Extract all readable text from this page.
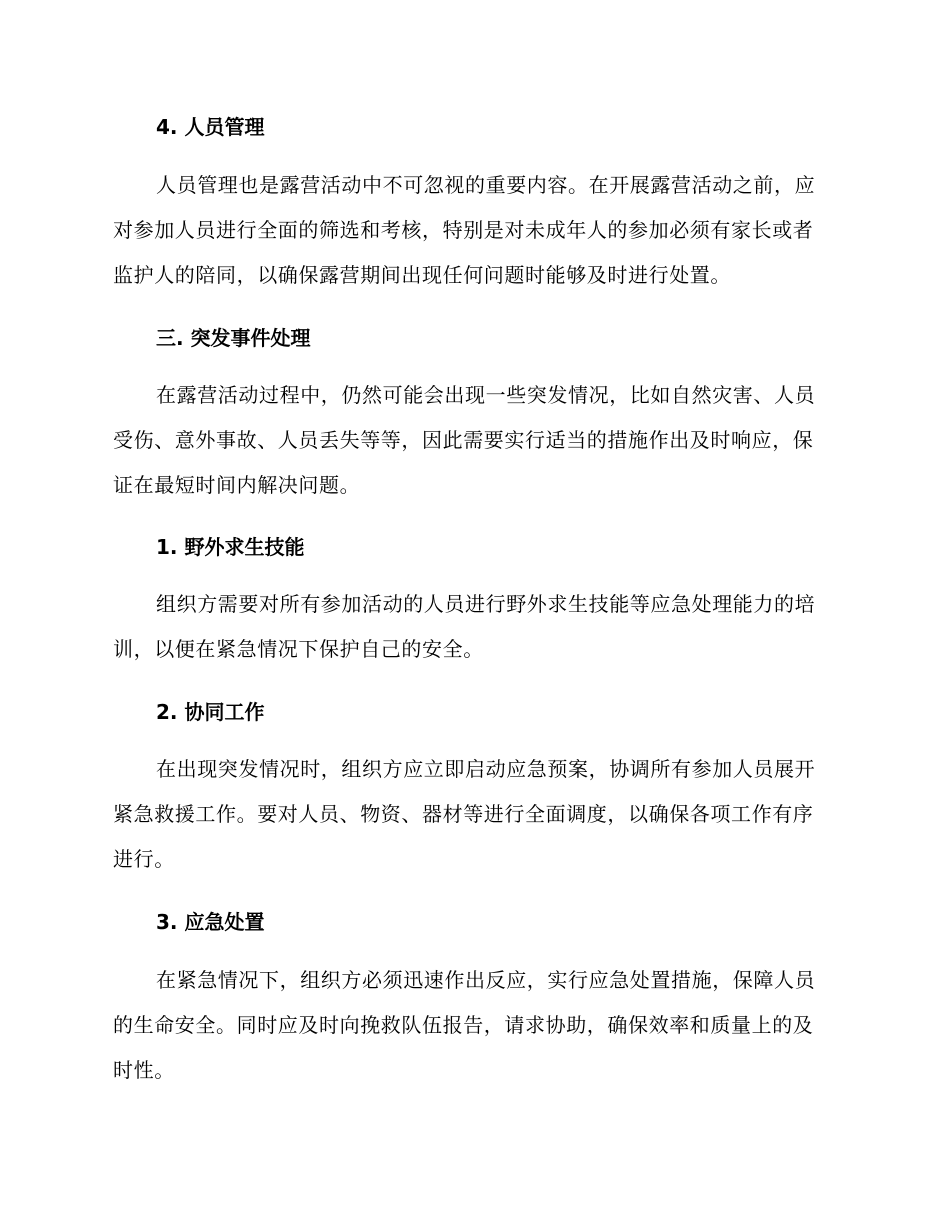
4. 人员管理

人员管理也是露营活动中不可忽视的重要内容。在开展露营活动之前，应对参加人员进行全面的筛选和考核，特别是对未成年人的参加必须有家长或者监护人的陪同，以确保露营期间出现任何问题时能够及时进行处置。

三. 突发事件处理

在露营活动过程中，仍然可能会出现一些突发情况，比如自然灾害、人员受伤、意外事故、人员丢失等等，因此需要实行适当的措施作出及时响应，保证在最短时间内解决问题。

1. 野外求生技能

组织方需要对所有参加活动的人员进行野外求生技能等应急处理能力的培训，以便在紧急情况下保护自己的安全。

2. 协同工作

在出现突发情况时，组织方应立即启动应急预案，协调所有参加人员展开紧急救援工作。要对人员、物资、器材等进行全面调度，以确保各项工作有序进行。

3. 应急处置

在紧急情况下，组织方必须迅速作出反应，实行应急处置措施，保障人员的生命安全。同时应及时向挽救队伍报告，请求协助，确保效率和质量上的及时性。
